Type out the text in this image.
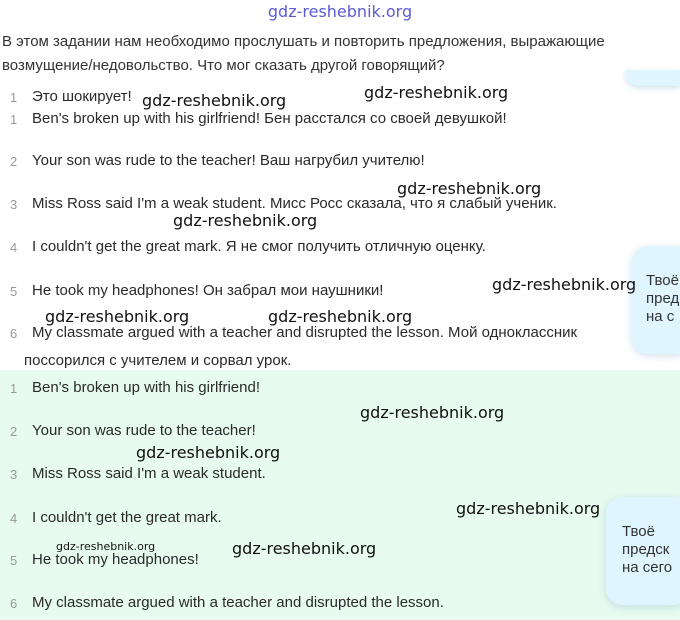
gdz-reshebnik.org
В этом задании нам необходимо прослушать и повторить предложения, выражающие возмущение/недовольство. Что мог сказать другой говорящий?
1 Это шокирует!
1 Ben's broken up with his girlfriend! Бен расстался со своей девушкой!
2 Your son was rude to the teacher! Ваш нагрубил учителю!
3 Miss Ross said I'm a weak student. Мисс Росс сказала, что я слабый ученик.
4 I couldn't get the great mark. Я не смог получить отличную оценку.
5 He took my headphones! Он забрал мои наушники!
6 My classmate argued with a teacher and disrupted the lesson. Мой одноклассник
поссорился с учителем и сорвал урок.
Твоё
пред
на с
1 Ben's broken up with his girlfriend!
2 Your son was rude to the teacher!
3 Miss Ross said I'm a weak student.
4 I couldn't get the great mark.
5 He took my headphones!
6 My classmate argued with a teacher and disrupted the lesson.
Твоё
предск
на сего
gdz-reshebnik.org	gdz-reshebnik.org
gdz-reshebnik.org
gdz-reshebnik.org
gdz-reshebnik.org
gdz-reshebnik.org	gdz-reshebnik.org
gdz-reshebnik.org
gdz-reshebnik.org
gdz-reshebnik.org
gdz-reshebnik.org	gdz-reshebnik.org
